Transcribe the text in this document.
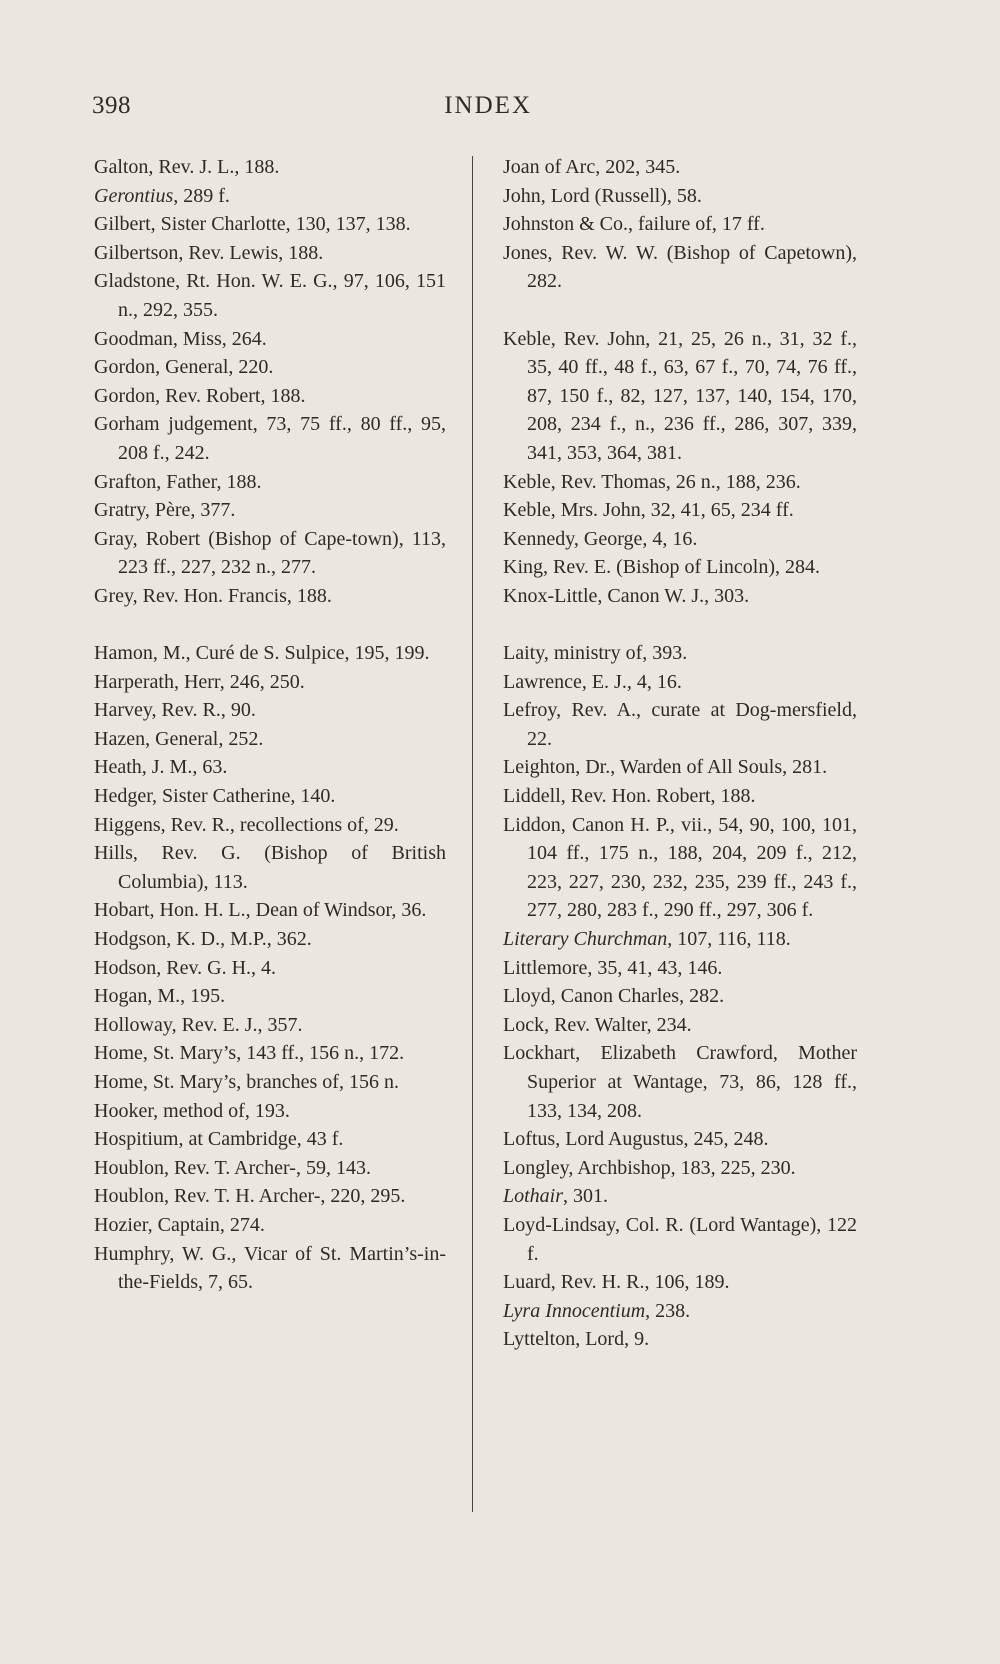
398	INDEX

Galton, Rev. J. L., 188.

Gerontius, 289 f.

Gilbert, Sister Charlotte, 130, 137, 138.

Gilbertson, Rev. Lewis, 188.

Gladstone, Rt. Hon. W. E. G., 97, 106, 151 n., 292, 355.

Goodman, Miss, 264.

Gordon, General, 220.

Gordon, Rev. Robert, 188.

Gorham judgement, 73, 75 ff., 80 ff., 95, 208 f., 242.

Grafton, Father, 188.

Gratry, Père, 377.

Gray, Robert (Bishop of Cape-town), 113, 223 ff., 227, 232 n., 277.

Grey, Rev. Hon. Francis, 188.

Hamon, M., Curé de S. Sulpice, 195, 199.

Harperath, Herr, 246, 250.

Harvey, Rev. R., 90.

Hazen, General, 252.

Heath, J. M., 63.

Hedger, Sister Catherine, 140.

Higgens, Rev. R., recollections of, 29.

Hills, Rev. G. (Bishop of British Columbia), 113.

Hobart, Hon. H. L., Dean of Windsor, 36.

Hodgson, K. D., M.P., 362.

Hodson, Rev. G. H., 4.

Hogan, M., 195.

Holloway, Rev. E. J., 357.

Home, St. Mary’s, 143 ff., 156 n., 172.

Home, St. Mary’s, branches of, 156 n.

Hooker, method of, 193.

Hospitium, at Cambridge, 43 f.

Houblon, Rev. T. Archer-, 59, 143.

Houblon, Rev. T. H. Archer-, 220, 295.

Hozier, Captain, 274.

Humphry, W. G., Vicar of St. Martin’s-in-the-Fields, 7, 65.

Joan of Arc, 202, 345.

John, Lord (Russell), 58.

Johnston & Co., failure of, 17 ff.

Jones, Rev. W. W. (Bishop of Capetown), 282.

Keble, Rev. John, 21, 25, 26 n., 31, 32 f., 35, 40 ff., 48 f., 63, 67 f., 70, 74, 76 ff., 87, 150 f., 82, 127, 137, 140, 154, 170, 208, 234 f., n., 236 ff., 286, 307, 339, 341, 353, 364, 381.

Keble, Rev. Thomas, 26 n., 188, 236.

Keble, Mrs. John, 32, 41, 65, 234 ff.

Kennedy, George, 4, 16.

King, Rev. E. (Bishop of Lincoln), 284.

Knox-Little, Canon W. J., 303.

Laity, ministry of, 393.

Lawrence, E. J., 4, 16.

Lefroy, Rev. A., curate at Dog-mersfield, 22.

Leighton, Dr., Warden of All Souls, 281.

Liddell, Rev. Hon. Robert, 188.

Liddon, Canon H. P., vii., 54, 90, 100, 101, 104 ff., 175 n., 188, 204, 209 f., 212, 223, 227, 230, 232, 235, 239 ff., 243 f., 277, 280, 283 f., 290 ff., 297, 306 f.

Literary Churchman, 107, 116, 118.

Littlemore, 35, 41, 43, 146.

Lloyd, Canon Charles, 282.

Lock, Rev. Walter, 234.

Lockhart, Elizabeth Crawford, Mother Superior at Wantage, 73, 86, 128 ff., 133, 134, 208.

Loftus, Lord Augustus, 245, 248.

Longley, Archbishop, 183, 225, 230.

Lothair, 301.

Loyd-Lindsay, Col. R. (Lord Wantage), 122 f.

Luard, Rev. H. R., 106, 189.

Lyra Innocentium, 238.

Lyttelton, Lord, 9.
